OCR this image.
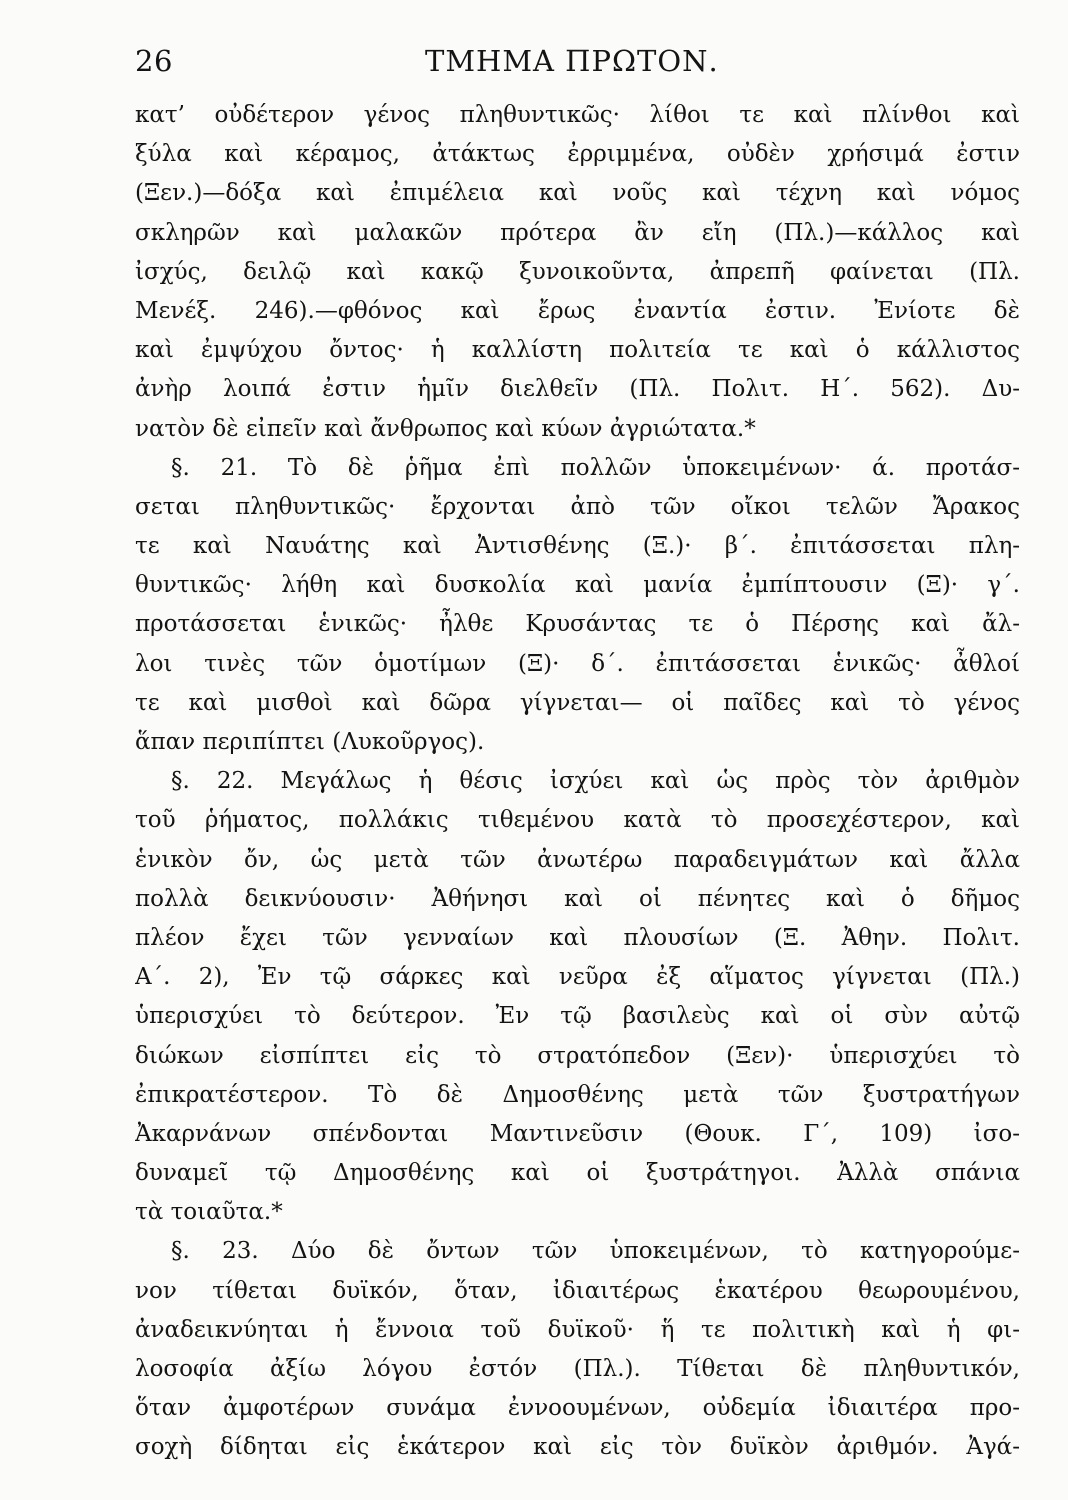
26	ΤΜΗΜΑ ΠΡΩΤΟΝ.
κατ’ οὐδέτερον γένος πληθυντικῶς· λίθοι τε καὶ πλίνθοι καὶ
ξύλα καὶ κέραμος, ἀτάκτως ἐρριμμένα, οὐδὲν χρήσιμά ἐστιν
(Ξεν.)—δόξα καὶ ἐπιμέλεια καὶ νοῦς καὶ τέχνη καὶ νόμος
σκληρῶν καὶ μαλακῶν πρότερα ἂν εἴη (Πλ.)—κάλλος καὶ
ἰσχύς, δειλῷ καὶ κακῷ ξυνοικοῦντα, ἀπρεπῆ φαίνεται (Πλ.
Μενέξ. 246).—φθόνος καὶ ἔρως ἐναντία ἐστιν. Ἐνίοτε δὲ
καὶ ἐμψύχου ὄντος· ἡ καλλίστη πολιτεία τε καὶ ὁ κάλλιστος
ἀνὴρ λοιπά ἐστιν ἡμῖν διελθεῖν (Πλ. Πολιτ. Η΄. 562). Δυ-
νατὸν δὲ εἰπεῖν καὶ ἄνθρωπος καὶ κύων ἀγριώτατα.*
§. 21. Τὸ δὲ ῥῆμα ἐπὶ πολλῶν ὑποκειμένων· ά. προτάσ-
σεται πληθυντικῶς· ἔρχονται ἀπὸ τῶν οἴκοι τελῶν Ἄρακος
τε καὶ Ναυάτης καὶ Ἀντισθένης (Ξ.)· β΄. ἐπιτάσσεται πλη-
θυντικῶς· λήθη καὶ δυσκολία καὶ μανία ἐμπίπτουσιν (Ξ)· γ΄.
προτάσσεται ἑνικῶς· ἦλθε Κρυσάντας τε ὁ Πέρσης καὶ ἄλ-
λοι τινὲς τῶν ὁμοτίμων (Ξ)· δ΄. ἐπιτάσσεται ἑνικῶς· ἆθλοί
τε καὶ μισθοὶ καὶ δῶρα γίγνεται— οἱ παῖδες καὶ τὸ γένος
ἅπαν περιπίπτει (Λυκοῦργος).
§. 22. Μεγάλως ἡ θέσις ἰσχύει καὶ ὡς πρὸς τὸν ἀριθμὸν
τοῦ ῥήματος, πολλάκις τιθεμένου κατὰ τὸ προσεχέστερον, καὶ
ἑνικὸν ὄν, ὡς μετὰ τῶν ἀνωτέρω παραδειγμάτων καὶ ἄλλα
πολλὰ δεικνύουσιν· Ἀθήνησι καὶ οἱ πένητες καὶ ὁ δῆμος
πλέον ἔχει τῶν γενναίων καὶ πλουσίων (Ξ. Ἀθην. Πολιτ.
Α΄. 2), Ἐν τῷ σάρκες καὶ νεῦρα ἐξ αἵματος γίγνεται (Πλ.)
ὑπερισχύει τὸ δεύτερον. Ἐν τῷ βασιλεὺς καὶ οἱ σὺν αὐτῷ
διώκων εἰσπίπτει εἰς τὸ στρατόπεδον (Ξεν)· ὑπερισχύει τὸ
ἐπικρατέστερον. Τὸ δὲ Δημοσθένης μετὰ τῶν ξυστρατήγων
Ἀκαρνάνων σπένδονται Μαντινεῦσιν (Θουκ. Γ΄, 109) ἰσο-
δυναμεῖ τῷ Δημοσθένης καὶ οἱ ξυστράτηγοι. Ἀλλὰ σπάνια
τὰ τοιαῦτα.*
§. 23. Δύο δὲ ὄντων τῶν ὑποκειμένων, τὸ κατηγορούμε-
νον τίθεται δυϊκόν, ὅταν, ἰδιαιτέρως ἑκατέρου θεωρουμένου,
ἀναδεικνύηται ἡ ἔννοια τοῦ δυϊκοῦ· ἥ τε πολιτικὴ καὶ ἡ φι-
λοσοφία ἀξίω λόγου ἐστόν (Πλ.). Τίθεται δὲ πληθυντικόν,
ὅταν ἀμφοτέρων συνάμα ἐννοουμένων, οὐδεμία ἰδιαιτέρα προ-
σοχὴ δίδηται εἰς ἑκάτερον καὶ εἰς τὸν δυϊκὸν ἀριθμόν. Ἀγά-
